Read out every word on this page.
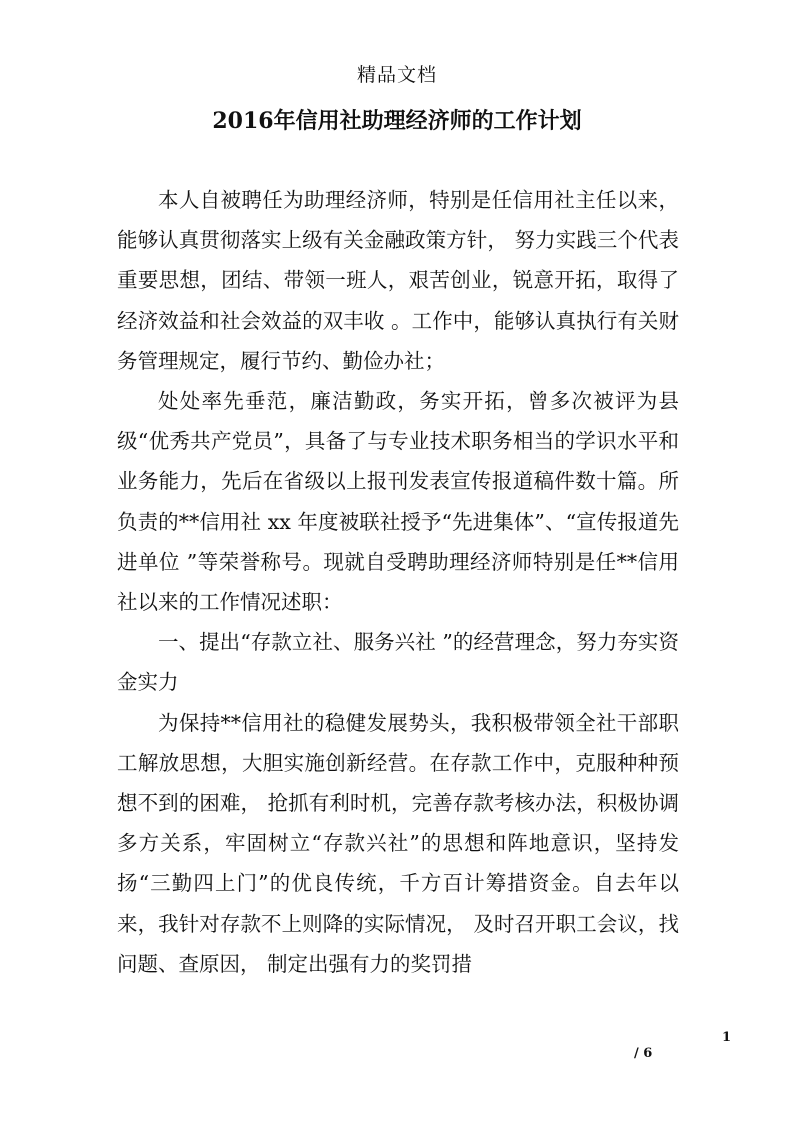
精品文档
2016年信用社助理经济师的工作计划

本人自被聘任为助理经济师，特别是任信用社主任以来，能够认真贯彻落实上级有关金融政策方针， 努力实践三个代表重要思想，团结、带领一班人，艰苦创业，锐意开拓，取得了经济效益和社会效益的双丰收 。工作中，能够认真执行有关财务管理规定，履行节约、勤俭办社；

处处率先垂范，廉洁勤政，务实开拓，曾多次被评为县级“优秀共产党员”，具备了与专业技术职务相当的学识水平和业务能力，先后在省级以上报刊发表宣传报道稿件数十篇。所负责的**信用社 xx 年度被联社授予“先进集体”、“宣传报道先进单位 ”等荣誉称号。现就自受聘助理经济师特别是任**信用社以来的工作情况述职：

一、提出“存款立社、服务兴社 ”的经营理念，努力夯实资金实力

为保持**信用社的稳健发展势头，我积极带领全社干部职工解放思想，大胆实施创新经营。在存款工作中，克服种种预想不到的困难， 抢抓有利时机，完善存款考核办法，积极协调多方关系，牢固树立“存款兴社”的思想和阵地意识，坚持发扬“三勤四上门”的优良传统，千方百计筹措资金。自去年以来，我针对存款不上则降的实际情况， 及时召开职工会议，找问题、查原因， 制定出强有力的奖罚措

1
/ 6
